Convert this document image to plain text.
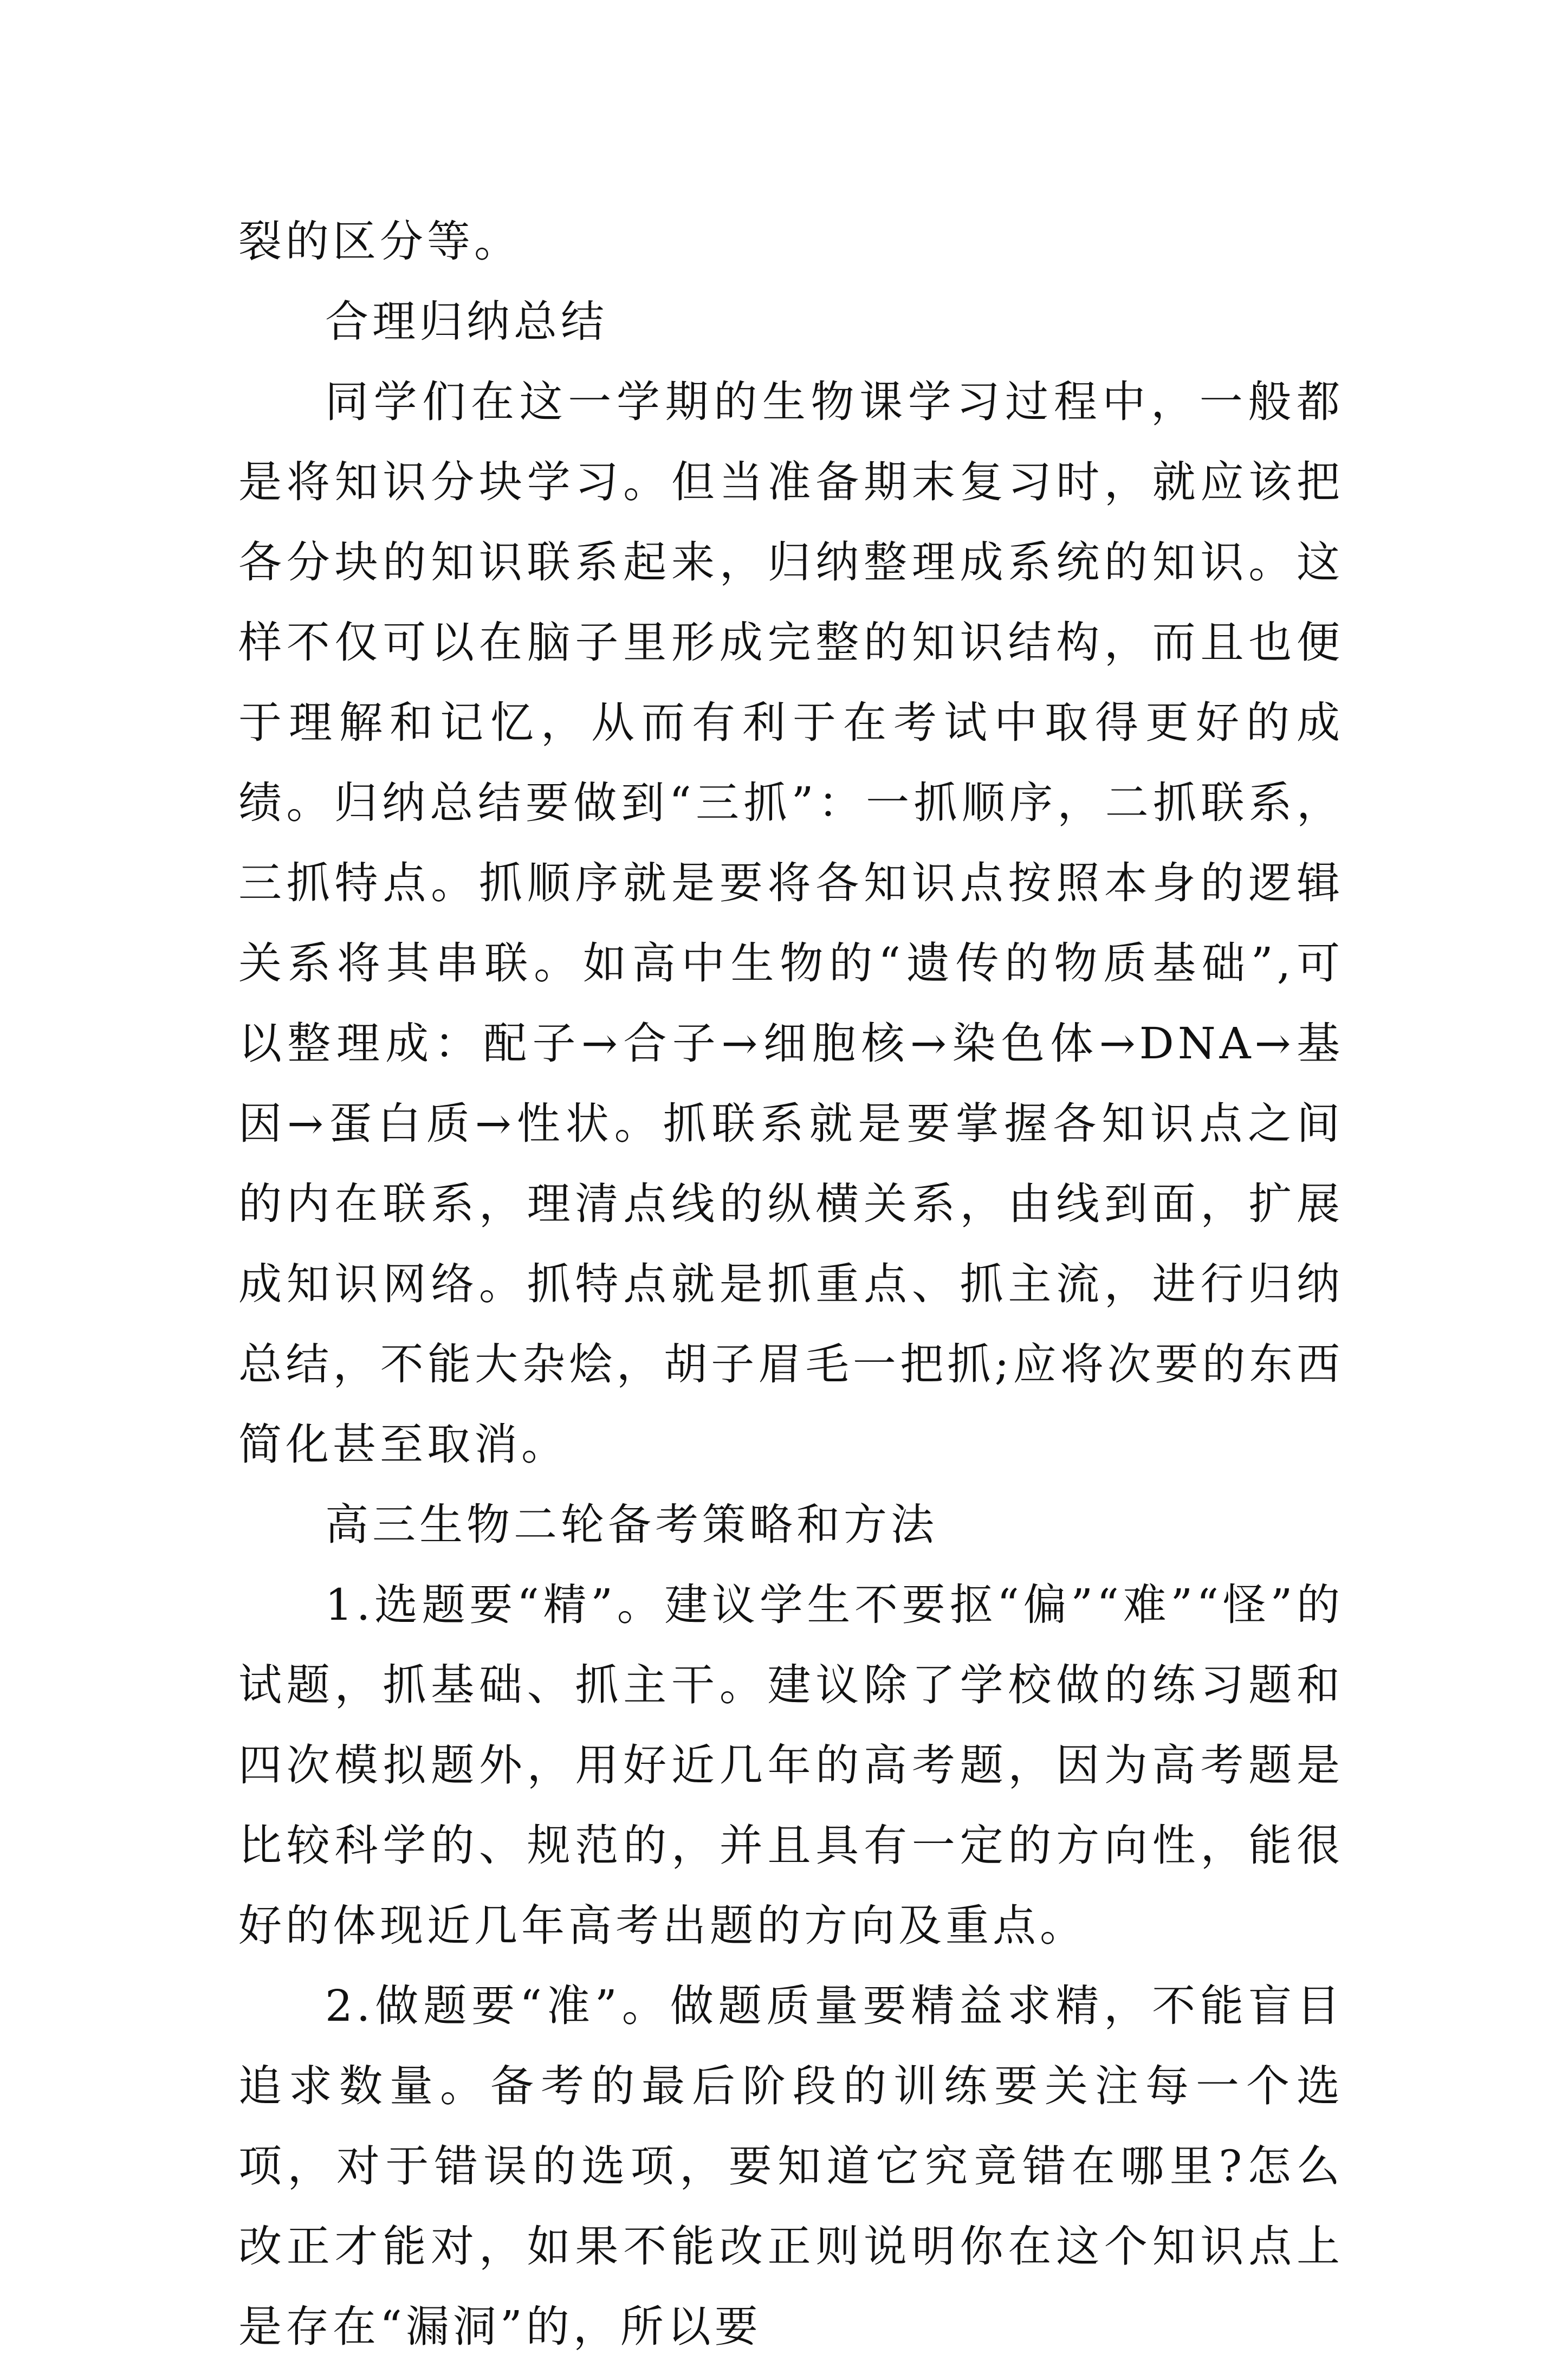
裂的区分等。

合理归纳总结

同学们在这一学期的生物课学习过程中，一般都是将知识分块学习。但当准备期末复习时，就应该把各分块的知识联系起来，归纳整理成系统的知识。这样不仅可以在脑子里形成完整的知识结构，而且也便于理解和记忆，从而有利于在考试中取得更好的成绩。归纳总结要做到“三抓”：一抓顺序，二抓联系，三抓特点。抓顺序就是要将各知识点按照本身的逻辑关系将其串联。如高中生物的“遗传的物质基础”,可以整理成：配子→合子→细胞核→染色体→DNA→基因→蛋白质→性状。抓联系就是要掌握各知识点之间的内在联系，理清点线的纵横关系，由线到面，扩展成知识网络。抓特点就是抓重点、抓主流，进行归纳总结，不能大杂烩，胡子眉毛一把抓;应将次要的东西简化甚至取消。

高三生物二轮备考策略和方法

1.选题要“精”。建议学生不要抠“偏”“难”“怪”的试题，抓基础、抓主干。建议除了学校做的练习题和四次模拟题外，用好近几年的高考题，因为高考题是比较科学的、规范的，并且具有一定的方向性，能很好的体现近几年高考出题的方向及重点。

2.做题要“准”。做题质量要精益求精，不能盲目追求数量。备考的最后阶段的训练要关注每一个选项，对于错误的选项，要知道它究竟错在哪里?怎么改正才能对，如果不能改正则说明你在这个知识点上是存在“漏洞”的，所以要
